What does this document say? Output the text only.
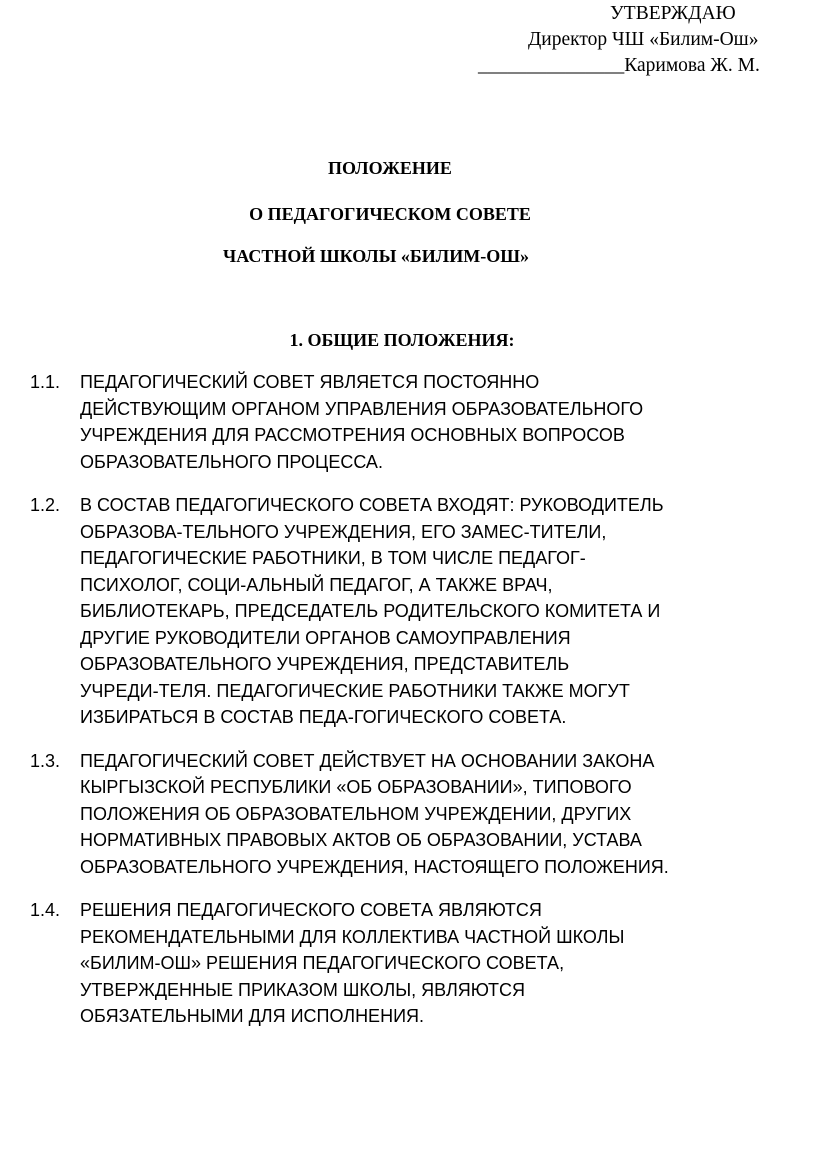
УТВЕРЖДАЮ
Директор ЧШ «Билим-Ош»
_______________Каримова Ж. М.
ПОЛОЖЕНИЕ
О ПЕДАГОГИЧЕСКОМ СОВЕТЕ
ЧАСТНОЙ ШКОЛЫ «БИЛИМ-ОШ»
1. ОБЩИЕ ПОЛОЖЕНИЯ:
1.1. ПЕДАГОГИЧЕСКИЙ СОВЕТ ЯВЛЯЕТСЯ ПОСТОЯННО
ДЕЙСТВУЮЩИМ ОРГАНОМ УПРАВЛЕНИЯ ОБРАЗОВАТЕЛЬНОГО
УЧРЕЖДЕНИЯ ДЛЯ РАССМОТРЕНИЯ ОСНОВНЫХ ВОПРОСОВ
ОБРАЗОВАТЕЛЬНОГО ПРОЦЕССА.
1.2. В СОСТАВ ПЕДАГОГИЧЕСКОГО СОВЕТА ВХОДЯТ: РУКОВОДИТЕЛЬ
ОБРАЗОВА-ТЕЛЬНОГО УЧРЕЖДЕНИЯ, ЕГО ЗАМЕС-ТИТЕЛИ,
ПЕДАГОГИЧЕСКИЕ РАБОТНИКИ, В ТОМ ЧИСЛЕ ПЕДАГОГ-
ПСИХОЛОГ, СОЦИ-АЛЬНЫЙ ПЕДАГОГ, А ТАКЖЕ ВРАЧ,
БИБЛИОТЕКАРЬ, ПРЕДСЕДАТЕЛЬ РОДИТЕЛЬСКОГО КОМИТЕТА И
ДРУГИЕ РУКОВОДИТЕЛИ ОРГАНОВ САМОУПРАВЛЕНИЯ
ОБРАЗОВАТЕЛЬНОГО УЧРЕЖДЕНИЯ, ПРЕДСТАВИТЕЛЬ
УЧРЕДИ-ТЕЛЯ. ПЕДАГОГИЧЕСКИЕ РАБОТНИКИ ТАКЖЕ МОГУТ
ИЗБИРАТЬСЯ В СОСТАВ ПЕДА-ГОГИЧЕСКОГО СОВЕТА.
1.3. ПЕДАГОГИЧЕСКИЙ СОВЕТ ДЕЙСТВУЕТ НА ОСНОВАНИИ ЗАКОНА
КЫРГЫЗСКОЙ РЕСПУБЛИКИ «ОБ ОБРАЗОВАНИИ», ТИПОВОГО
ПОЛОЖЕНИЯ ОБ ОБРАЗОВАТЕЛЬНОМ УЧРЕЖДЕНИИ, ДРУГИХ
НОРМАТИВНЫХ ПРАВОВЫХ АКТОВ ОБ ОБРАЗОВАНИИ, УСТАВА
ОБРАЗОВАТЕЛЬНОГО УЧРЕЖДЕНИЯ, НАСТОЯЩЕГО ПОЛОЖЕНИЯ.
1.4. РЕШЕНИЯ ПЕДАГОГИЧЕСКОГО СОВЕТА ЯВЛЯЮТСЯ
РЕКОМЕНДАТЕЛЬНЫМИ ДЛЯ КОЛЛЕКТИВА ЧАСТНОЙ ШКОЛЫ
«БИЛИМ-ОШ» РЕШЕНИЯ ПЕДАГОГИЧЕСКОГО СОВЕТА,
УТВЕРЖДЕННЫЕ ПРИКАЗОМ ШКОЛЫ, ЯВЛЯЮТСЯ
ОБЯЗАТЕЛЬНЫМИ ДЛЯ ИСПОЛНЕНИЯ.
